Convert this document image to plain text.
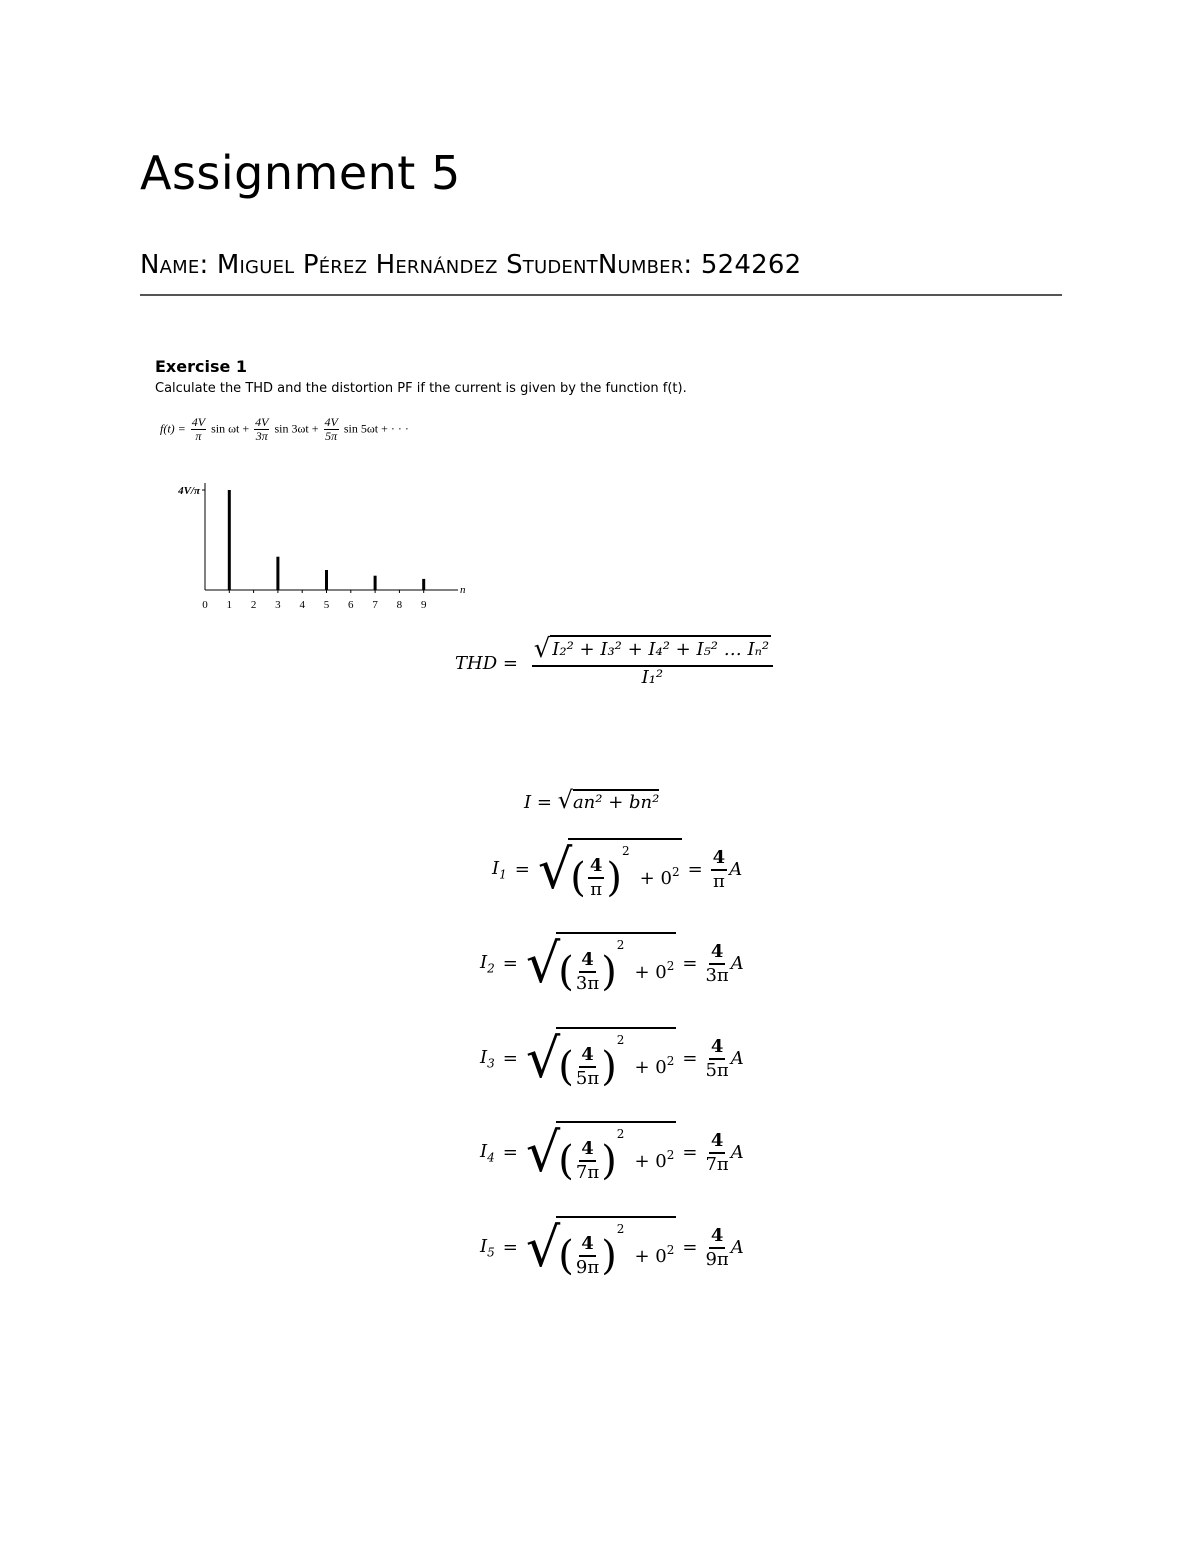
Assignment 5
Name: Miguel Pérez Hernández StudentNumber: 524262
Exercise 1
Calculate the THD and the distortion PF if the current is given by the function f(t).
$f(t) = \frac{4V}{\pi}$ $\sin \omega t + \frac{4V}{3\pi}$ $\sin 3\omega t + \frac{4V}{5\pi}$ sin 5ωt + · · ·
4V/π
n
0 1 2 3 4 5 6 7 8 9
THD = $\frac{\text{√ I₂² + I₃² + I₄² + I₅² … Iₙ²}}{\text{I₁²}}$
I = √an² + bn²
$I_1$ = √( $\frac{4}{\pi} )^2+ 0^2 = \frac{4}{\pi}$ A
$I_2$ = √( $\frac{4}{3\pi} )^2+ 0^2 = \frac{4}{3\pi}$ A
$I_3$ = √( $\frac{4}{5\pi} )^2+ 0^2 = \frac{4}{5\pi}$ A
$I_4$ = √( $\frac{4}{7\pi} )^2+ 0^2 = \frac{4}{7\pi}$ A
$I_5$ = √( $\frac{4}{9\pi} )^2+ 0^2 = \frac{4}{9\pi}$ A
